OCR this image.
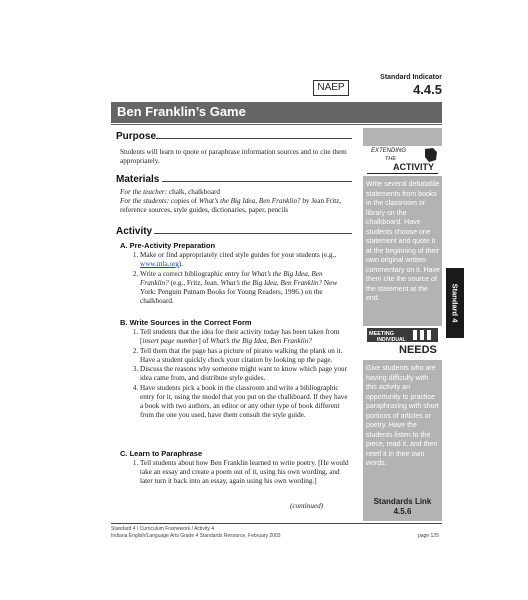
NAEP
Standard Indicator
4.4.5
Ben Franklin’s Game
Purpose
Students will learn to quote or paraphrase information sources and to cite them appropriately.
Materials
For the teacher: chalk, chalkboard
For the students: copies of What’s the Big Idea, Ben Franklin? by Jean Fritz, reference sources, style guides, dictionaries, paper, pencils
Activity
A. Pre-Activity Preparation
1. Make or find appropriately cited style guides for your students (e.g., www.mla.org).
2. Write a correct bibliographic entry for What’s the Big Idea, Ben Franklin? (e.g., Fritz, Jean. What’s the Big Idea, Ben Franklin? New York: Penguin Putnam Books for Young Readers, 1996.) on the chalkboard.
B. Write Sources in the Correct Form
1. Tell students that the idea for their activity today has been taken from [insert page number] of What’s the Big Idea, Ben Franklin?
2. Tell them that the page has a picture of pirates walking the plank on it. Have a student quickly check your citation by looking up the page.
3. Discuss the reasons why someone might want to know which page your idea came from, and distribute style guides.
4. Have students pick a book in the classroom and write a bibliographic entry for it, using the model that you put on the chalkboard. If they have a book with two authors, an editor or any other type of book different from the one you used, have them consult the style guide.
C. Learn to Paraphrase
1. Tell students about how Ben Franklin learned to write poetry. [He would take an essay and create a poem out of it, using his own wording, and later turn it back into an essay, again using his own wording.]
(continued)
EXTENDING
THE
ACTIVITY
Write several debatable statements from books in the classroom or library on the chalkboard. Have students choose one statement and quote it at the beginning of their own original written commentary on it. Have them cite the source of the statement at the end.
MEETING
INDIVIDUAL
NEEDS
Give students who are having difficulty with this activity an opportunity to practice paraphrasing with short portions of articles or poetry. Have the students listen to the piece, read it, and then retell it in their own words.
Standards Link
4.5.6
Standard 4
Standard 4 / Curriculum Framework / Activity 4
Indiana English/Language Arts Grade 4 Standards Resource, February 2003	page 125
